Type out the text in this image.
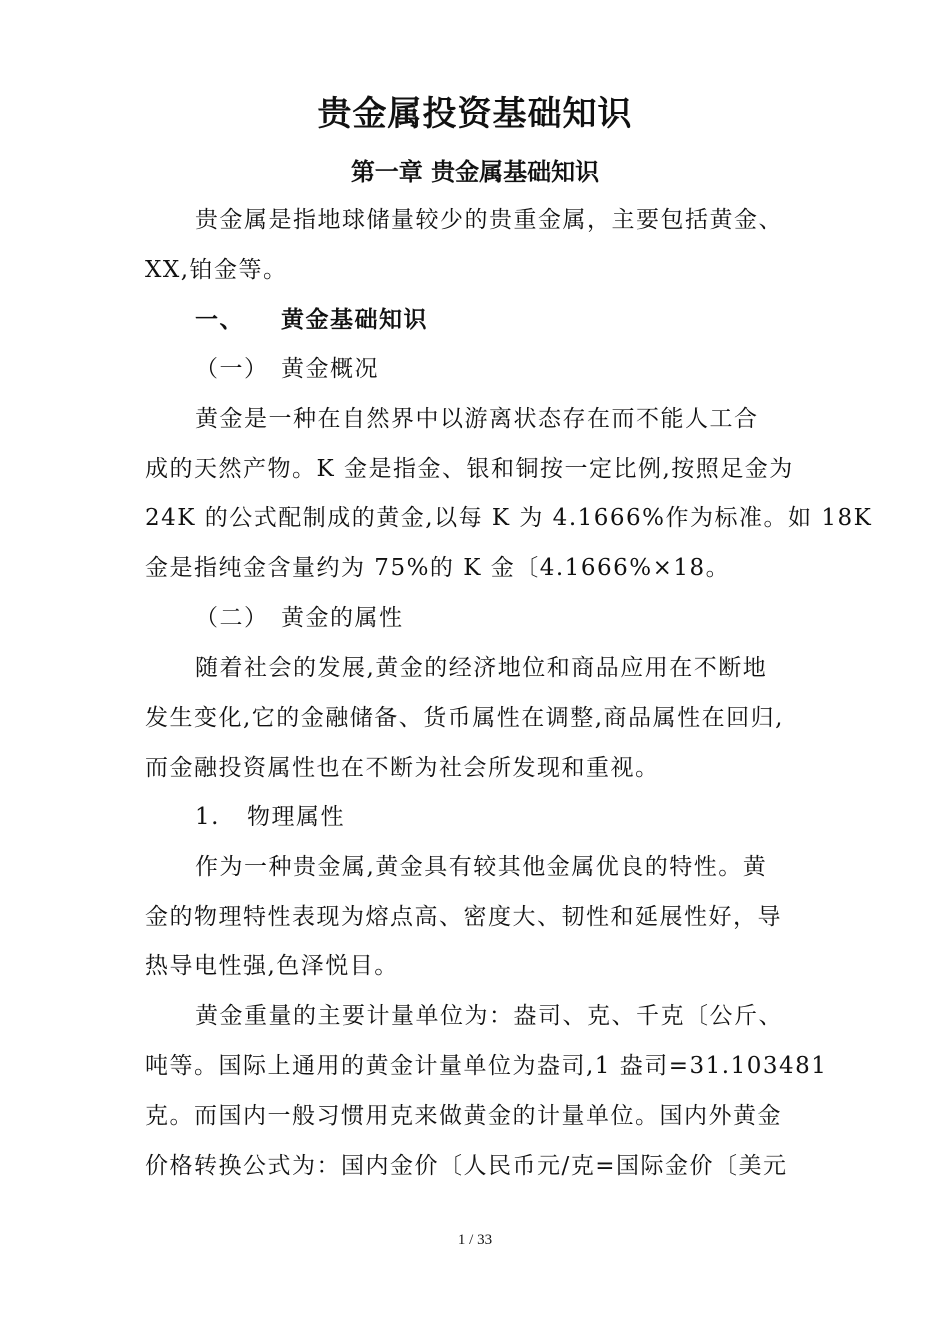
贵金属投资基础知识
第一章 贵金属基础知识

贵金属是指地球储量较少的贵重金属，主要包括黄金、

XX,铂金等。

一、 黄金基础知识

（一） 黄金概况

黄金是一种在自然界中以游离状态存在而不能人工合

成的天然产物。K 金是指金、银和铜按一定比例,按照足金为

24K 的公式配制成的黄金,以每 K 为 4.1666%作为标准。如 18K

金是指纯金含量约为 75%的 K 金〔4.1666%×18。

（二） 黄金的属性

随着社会的发展,黄金的经济地位和商品应用在不断地

发生变化,它的金融储备、货币属性在调整,商品属性在回归,

而金融投资属性也在不断为社会所发现和重视。

1. 物理属性

作为一种贵金属,黄金具有较其他金属优良的特性。黄

金的物理特性表现为熔点高、密度大、韧性和延展性好，导

热导电性强,色泽悦目。

黄金重量的主要计量单位为：盎司、克、千克〔公斤、

吨等。国际上通用的黄金计量单位为盎司,1 盎司=31.103481

克。而国内一般习惯用克来做黄金的计量单位。国内外黄金

价格转换公式为：国内金价〔人民币元/克=国际金价〔美元

1 / 33
